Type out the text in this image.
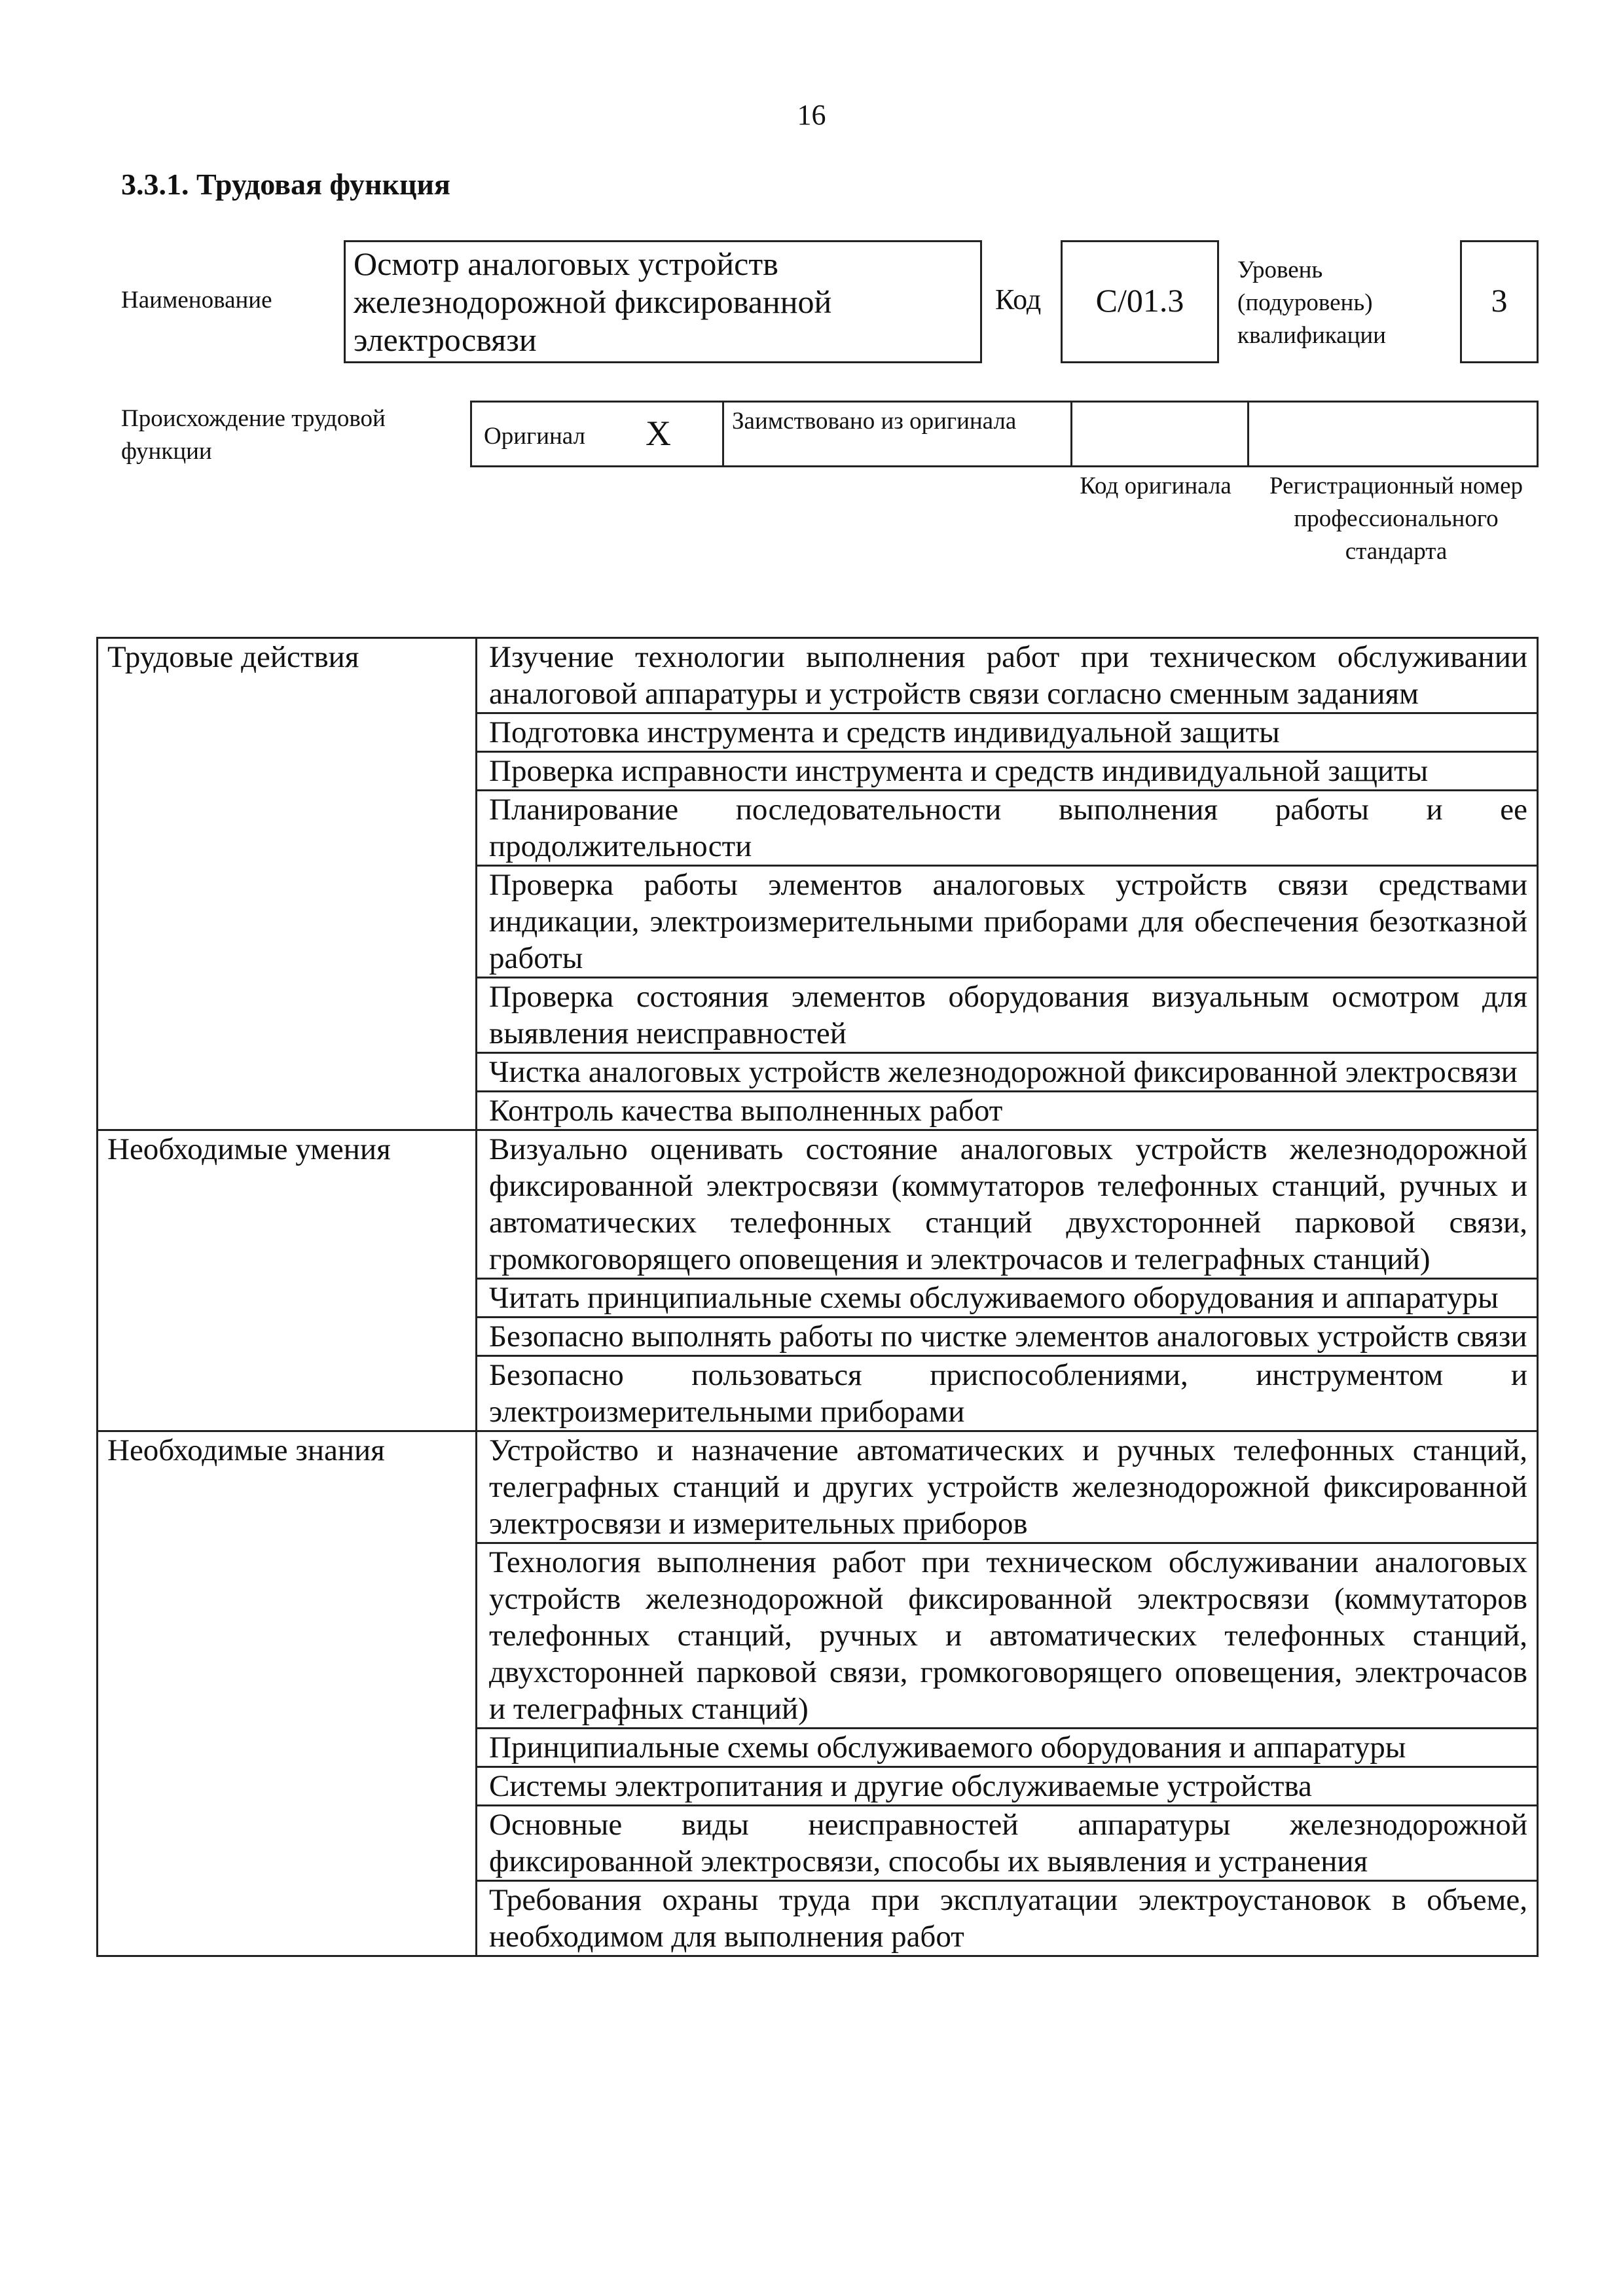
16
3.3.1. Трудовая функция
Наименование
Осмотр аналоговых устройств железнодорожной фиксированной электросвязи
Код	С/01.3
Уровень (подуровень) квалификации
3
Происхождение трудовой функции
Оригинал X	Заимствовано из оригинала
Код оригинала	Регистрационный номер профессионального стандарта
Трудовые действия	Изучение технологии выполнения работ при техническом обслуживании аналоговой аппаратуры и устройств связи согласно сменным заданиям
	Подготовка инструмента и средств индивидуальной защиты
	Проверка исправности инструмента и средств индивидуальной защиты
	Планирование последовательности выполнения работы и ее продолжительности
	Проверка работы элементов аналоговых устройств связи средствами индикации, электроизмерительными приборами для обеспечения безотказной работы
	Проверка состояния элементов оборудования визуальным осмотром для выявления неисправностей
	Чистка аналоговых устройств железнодорожной фиксированной электросвязи
	Контроль качества выполненных работ
Необходимые умения	Визуально оценивать состояние аналоговых устройств железнодорожной фиксированной электросвязи (коммутаторов телефонных станций, ручных и автоматических телефонных станций двухсторонней парковой связи, громкоговорящего оповещения и электрочасов и телеграфных станций)
	Читать принципиальные схемы обслуживаемого оборудования и аппаратуры
	Безопасно выполнять работы по чистке элементов аналоговых устройств связи
	Безопасно пользоваться приспособлениями, инструментом и электроизмерительными приборами
Необходимые знания	Устройство и назначение автоматических и ручных телефонных станций, телеграфных станций и других устройств железнодорожной фиксированной электросвязи и измерительных приборов
	Технология выполнения работ при техническом обслуживании аналоговых устройств железнодорожной фиксированной электросвязи (коммутаторов телефонных станций, ручных и автоматических телефонных станций, двухсторонней парковой связи, громкоговорящего оповещения, электрочасов и телеграфных станций)
	Принципиальные схемы обслуживаемого оборудования и аппаратуры
	Системы электропитания и другие обслуживаемые устройства
	Основные виды неисправностей аппаратуры железнодорожной фиксированной электросвязи, способы их выявления и устранения
	Требования охраны труда при эксплуатации электроустановок в объеме, необходимом для выполнения работ
